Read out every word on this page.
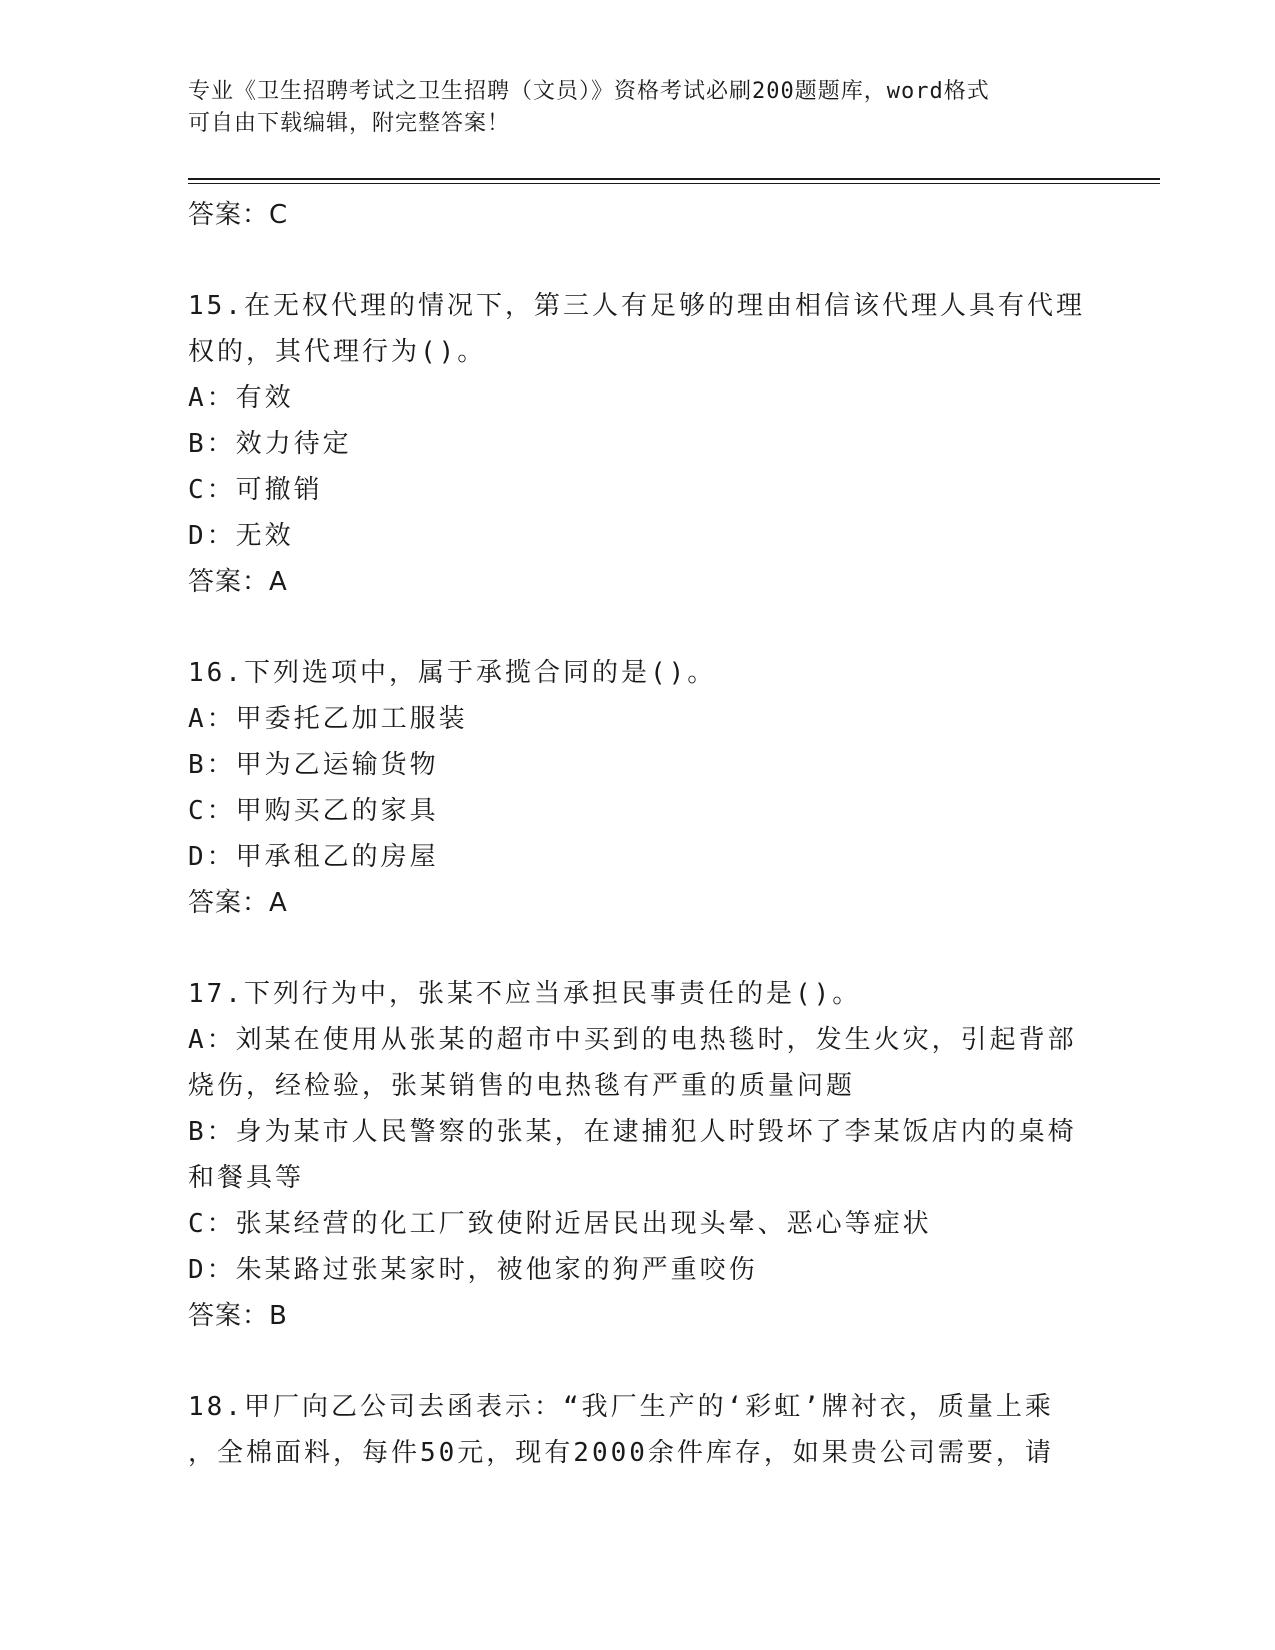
专业《卫生招聘考试之卫生招聘（文员）》资格考试必刷200题题库，word格式
可自由下载编辑，附完整答案！
答案：C
15.在无权代理的情况下，第三人有足够的理由相信该代理人具有代理
权的，其代理行为()。
A：有效
B：效力待定
C：可撤销
D：无效
答案：A
16.下列选项中，属于承揽合同的是()。
A：甲委托乙加工服装
B：甲为乙运输货物
C：甲购买乙的家具
D：甲承租乙的房屋
答案：A
17.下列行为中，张某不应当承担民事责任的是()。
A：刘某在使用从张某的超市中买到的电热毯时，发生火灾，引起背部
烧伤，经检验，张某销售的电热毯有严重的质量问题
B：身为某市人民警察的张某，在逮捕犯人时毁坏了李某饭店内的桌椅
和餐具等
C：张某经营的化工厂致使附近居民出现头晕、恶心等症状
D：朱某路过张某家时，被他家的狗严重咬伤
答案：B
18.甲厂向乙公司去函表示：“我厂生产的‘彩虹’牌衬衣，质量上乘
，全棉面料，每件50元，现有2000余件库存，如果贵公司需要，请
